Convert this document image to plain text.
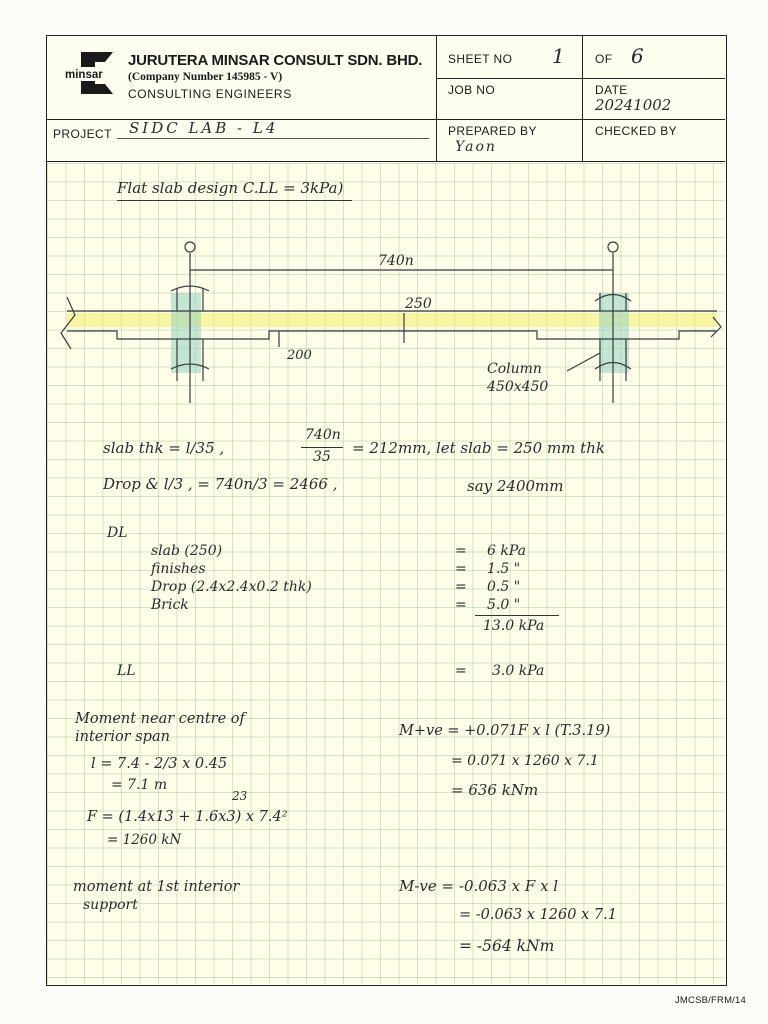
minsar
JURUTERA MINSAR CONSULT SDN. BHD.
(Company Number 145985 - V)
CONSULTING ENGINEERS
SHEET NO 1	OF 6
JOB NO	DATE
20241002
PROJECT SIDC LAB - L4	PREPARED BY
Yaon
CHECKED BY
Flat slab design C.LL = 3kPa)
740n
250
200
Column
450x450
slab thk = l/35 ,
740n
35 = 212mm, let slab = 250 mm thk
Drop & l/3 , = 740n/3 = 2466 ,	say 2400mm
DL
slab (250)	= 6 kPa
finishes	= 1.5 "
Drop (2.4x2.4x0.2 thk)	= 0.5 "
Brick	= 5.0 "
13.0 kPa
LL	= 3.0 kPa
Moment near centre of
interior span
l = 7.4 - 2/3 x 0.45
= 7.1 m
23
F = (1.4x13 + 1.6x3) x 7.4²
= 1260 kN
M+ve = +0.071F x l (T.3.19)
= 0.071 x 1260 x 7.1
= 636 kNm
moment at 1st interior
support
M-ve = -0.063 x F x l
= -0.063 x 1260 x 7.1
= -564 kNm
JMCSB/FRM/14
